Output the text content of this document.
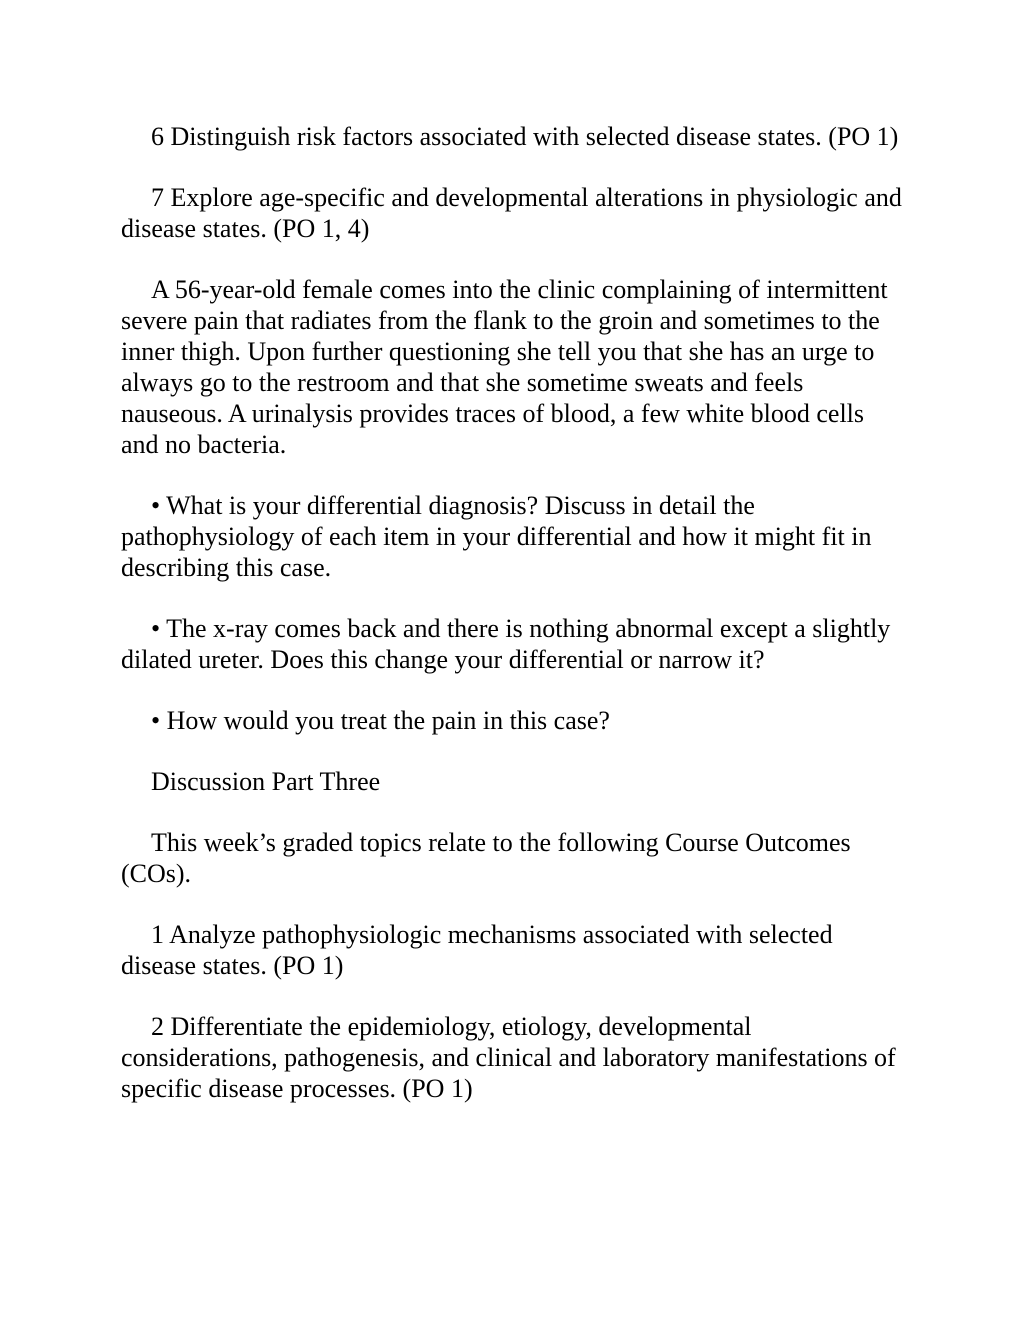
6 Distinguish risk factors associated with selected disease states. (PO 1)

7 Explore age-specific and developmental alterations in physiologic and disease states. (PO 1, 4)

A 56-year-old female comes into the clinic complaining of intermittent severe pain that radiates from the flank to the groin and sometimes to the inner thigh. Upon further questioning she tell you that she has an urge to always go to the restroom and that she sometime sweats and feels nauseous. A urinalysis provides traces of blood, a few white blood cells and no bacteria.

• What is your differential diagnosis? Discuss in detail the pathophysiology of each item in your differential and how it might fit in describing this case.

• The x-ray comes back and there is nothing abnormal except a slightly dilated ureter. Does this change your differential or narrow it?

• How would you treat the pain in this case?

Discussion Part Three

This week’s graded topics relate to the following Course Outcomes (COs).

1 Analyze pathophysiologic mechanisms associated with selected disease states. (PO 1)

2 Differentiate the epidemiology, etiology, developmental considerations, pathogenesis, and clinical and laboratory manifestations of specific disease processes. (PO 1)
